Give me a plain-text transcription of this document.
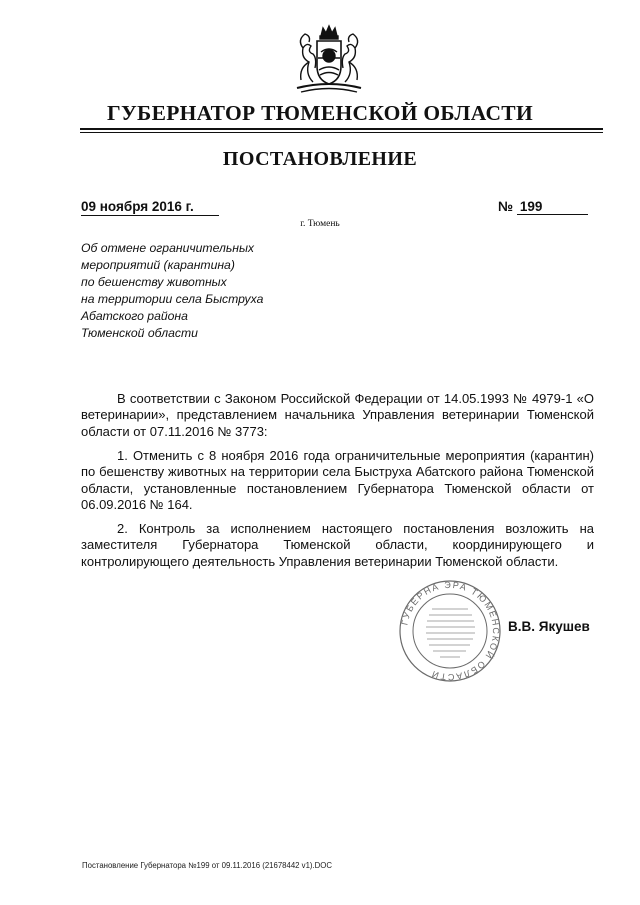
ГУБЕРНАТОР ТЮМЕНСКОЙ ОБЛАСТИ
ПОСТАНОВЛЕНИЕ
09 ноября 2016 г.	№ 199
г. Тюмень
Об отмене ограничительных
мероприятий (карантина)
по бешенству животных
на территории села Быструха
Абатского района
Тюменской области

В соответствии с Законом Российской Федерации от 14.05.1993 № 4979-1 «О ветеринарии», представлением начальника Управления ветеринарии Тюменской области от 07.11.2016 № 3773:

1. Отменить с 8 ноября 2016 года ограничительные мероприятия (карантин) по бешенству животных на территории села Быструха Абатского района Тюменской области, установленные постановлением Губернатора Тюменской области от 06.09.2016 № 164.

2. Контроль за исполнением настоящего постановления возложить на заместителя Губернатора Тюменской области, координирующего и контролирующего деятельность Управления ветеринарии Тюменской области.

ГУБЕРНА ЭРА ТЮМЕНСКОЙ ОБЛАСТИ
В.В. Якушев
Постановление Губернатора №199 от 09.11.2016 (21678442 v1).DOC
